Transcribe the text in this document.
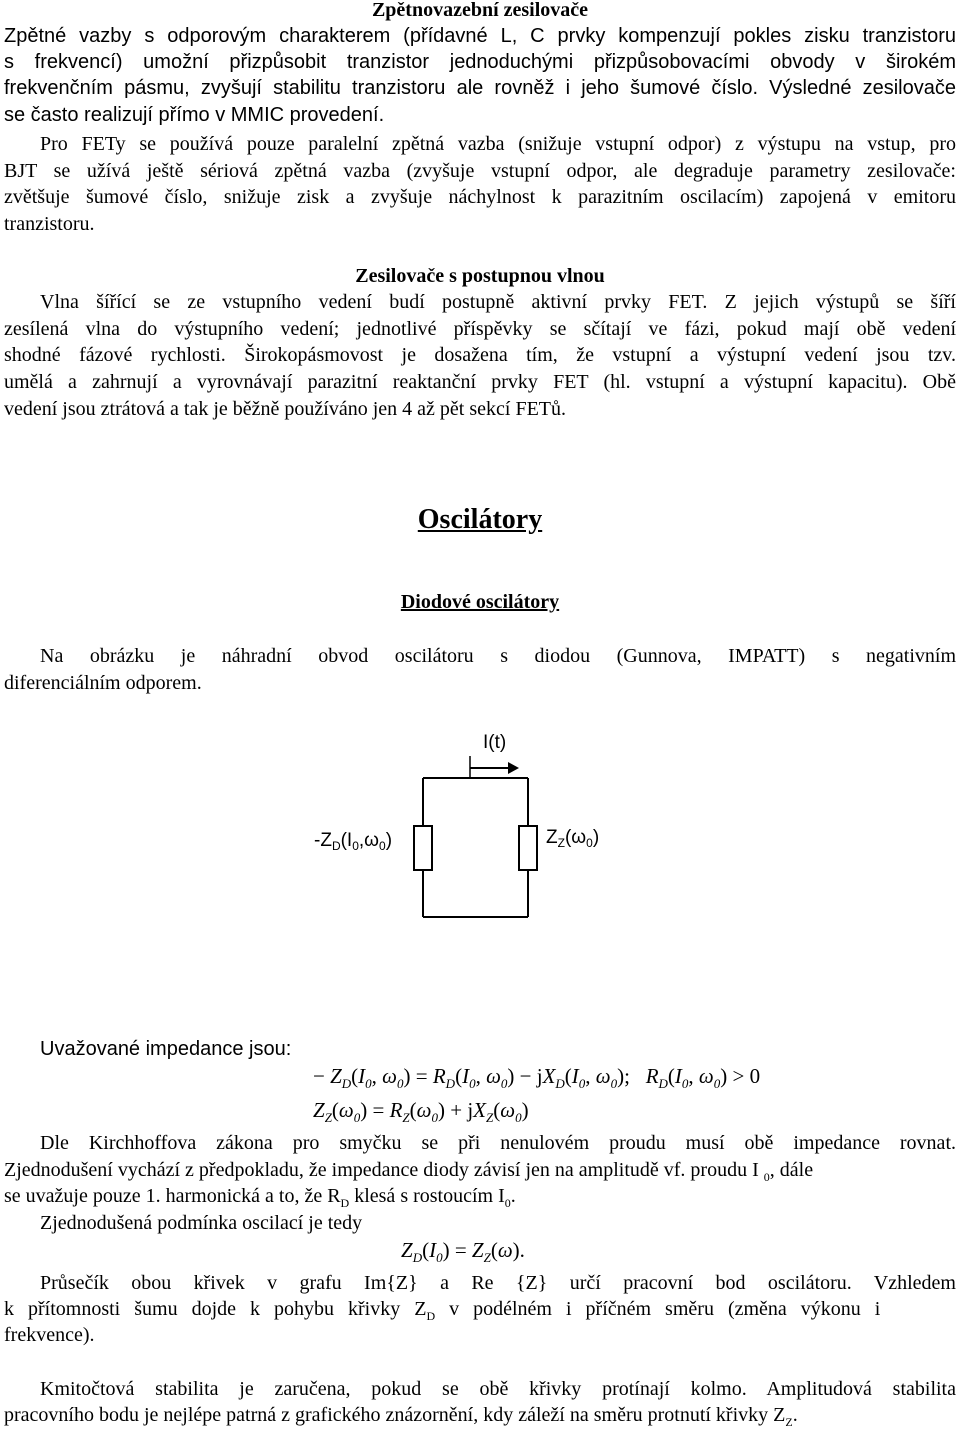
Zpětnovazební zesilovače

Zpětné vazby s odporovým charakterem (přídavné L, C prvky kompenzují pokles zisku tranzistoru

s frekvencí) umožní přizpůsobit tranzistor jednoduchými přizpůsobovacími obvody v širokém

frekvenčním pásmu, zvyšují stabilitu tranzistoru ale rovněž i jeho šumové číslo. Výsledné zesilovače

se často realizují přímo v MMIC provedení.

Pro FETy se používá pouze paralelní zpětná vazba (snižuje vstupní odpor) z výstupu na vstup, pro

BJT se užívá ještě sériová zpětná vazba (zvyšuje vstupní odpor, ale degraduje parametry zesilovače:

zvětšuje šumové číslo, snižuje zisk a zvyšuje náchylnost k parazitním oscilacím) zapojená v emitoru

tranzistoru.

Zesilovače s postupnou vlnou

Vlna šířící se ze vstupního vedení budí postupně aktivní prvky FET. Z jejich výstupů se šíří

zesílená vlna do výstupního vedení; jednotlivé příspěvky se sčítají ve fázi, pokud mají obě vedení

shodné fázové rychlosti. Širokopásmovost je dosažena tím, že vstupní a výstupní vedení jsou tzv.

umělá a zahrnují a vyrovnávají parazitní reaktanční prvky FET (hl. vstupní a výstupní kapacitu). Obě

vedení jsou ztrátová a tak je běžně používáno jen 4 až pět sekcí FETů.

Oscilátory

Diodové oscilátory

Na obrázku je náhradní obvod oscilátoru s diodou (Gunnova, IMPATT) s negativním

diferenciálním odporem.

I(t)
$-Z_D(I_0,\omega_0)$	$Z_Z(\omega_0)$

Uvažované impedance jsou:

− $Z_D(I_0$, $\omega_0) = R_D(I_0$, $\omega_0) - jX_D(I_0$, $\omega_0$);   $R_D(I_0$, $\omega_0) > 0$
$Z_Z(\omega_0) = R_Z(\omega_0) + jX_Z(\omega_0)$

Dle Kirchhoffova zákona pro smyčku se při nenulovém proudu musí obě impedance rovnat.

Zjednodušení vychází z předpokladu, že impedance diody závisí jen na amplitudě vf. proudu I $_0$, dále

se uvažuje pouze 1. harmonická a to, že $R_D$ klesá s rostoucím $I_0$.

Zjednodušená podmínka oscilací je tedy

$Z_D(I_0) = Z_Z(\omega)$.

Průsečík obou křivek v grafu Im{Z} a Re {Z} určí pracovní bod oscilátoru. Vzhledem

k přítomnosti šumu dojde k pohybu křivky $Z_D$ v podélném i příčném směru (změna výkonu i

frekvence).

Kmitočtová stabilita je zaručena, pokud se obě křivky protínají kolmo. Amplitudová stabilita

pracovního bodu je nejlépe patrná z grafického znázornění, kdy záleží na směru protnutí křivky $Z_Z$.
